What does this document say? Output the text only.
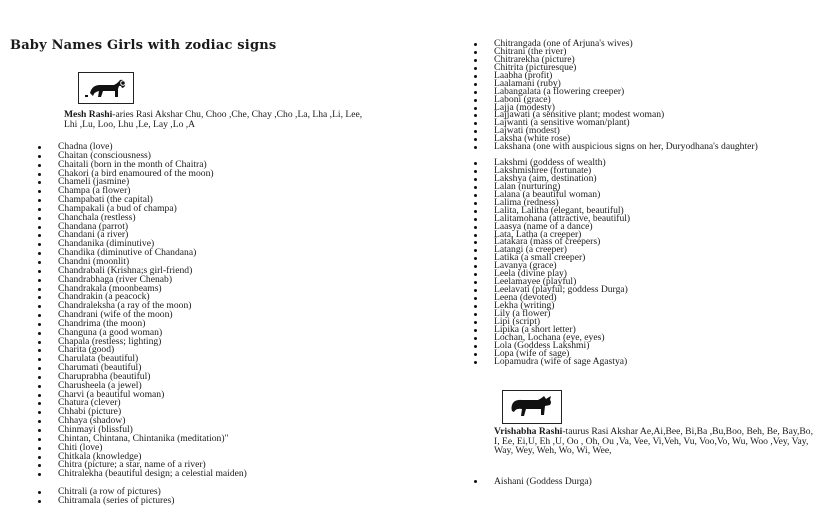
Baby Names Girls with zodiac signs
Mesh Rashi-aries Rasi Akshar Chu, Choo ,Che, Chay ,Cho ,La, Lha ,Li, Lee, Lhi ,Lu, Loo, Lhu ,Le, Lay ,Lo ,A
Chadna (love)
Chaitan (consciousness)
Chaitali (born in the month of Chaitra)
Chakori (a bird enamoured of the moon)
Chameli (jasmine)
Champa (a flower)
Champabati (the capital)
Champakali (a bud of champa)
Chanchala (restless)
Chandana (parrot)
Chandani (a river)
Chandanika (diminutive)
Chandika (diminutive of Chandana)
Chandni (moonlit)
Chandrabali (Krishna;s girl-friend)
Chandrabhaga (river Chenab)
Chandrakala (moonbeams)
Chandrakin (a peacock)
Chandraleksha (a ray of the moon)
Chandrani (wife of the moon)
Chandrima (the moon)
Changuna (a good woman)
Chapala (restless; lighting)
Charita (good)
Charulata (beautiful)
Charumati (beautiful)
Charuprabha (beautiful)
Charusheela (a jewel)
Charvi (a beautiful woman)
Chatura (clever)
Chhabi (picture)
Chhaya (shadow)
Chinmayi (blissful)
Chintan, Chintana, Chintanika (meditation)"
Chiti (love)
Chitkala (knowledge)
Chitra (picture; a star, name of a river)
Chitralekha (beautiful design; a celestial maiden)
Chitrali (a row of pictures)
Chitramala (series of pictures)
Chitrangada (one of Arjuna's wives)
Chitrani (the river)
Chitrarekha (picture)
Chitrita (picturesque)
Laabha (profit)
Laalamani (ruby)
Labangalata (a flowering creeper)
Laboni (grace)
Lajja (modesty)
Lajjawati (a sensitive plant; modest woman)
Lajwanti (a sensitive woman/plant)
Lajwati (modest)
Laksha (white rose)
Lakshana (one with auspicious signs on her, Duryodhana's daughter)
Lakshmi (goddess of wealth)
Lakshmishree (fortunate)
Lakshya (aim, destination)
Lalan (nurturing)
Lalana (a beautiful woman)
Lalima (redness)
Lalita, Lalitha (elegant, beautiful)
Lalitamohana (attractive, beautiful)
Laasya (name of a dance)
Lata, Latha (a creeper)
Latakara (mass of creepers)
Latangi (a creeper)
Latika (a small creeper)
Lavanya (grace)
Leela (divine play)
Leelamayee (playful)
Leelavati (playful; goddess Durga)
Leena (devoted)
Lekha (writing)
Lily (a flower)
Lipi (script)
Lipika (a short letter)
Lochan, Lochana (eye, eyes)
Lola (Goddess Lakshmi)
Lopa (wife of sage)
Lopamudra (wife of sage Agastya)
Vrishabha Rashi-taurus Rasi Akshar Ae,Ai,Bee, Bi,Ba ,Bu,Boo, Beh, Be, Bay,Bo, I, Ee, Ei,U, Eh ,U, Oo , Oh, Ou ,Va, Vee, Vi,Veh, Vu, Voo,Vo, Wu, Woo ,Vey, Vay, Way, Wey, Weh, Wo, Wi, Wee,
Aishani (Goddess Durga)
